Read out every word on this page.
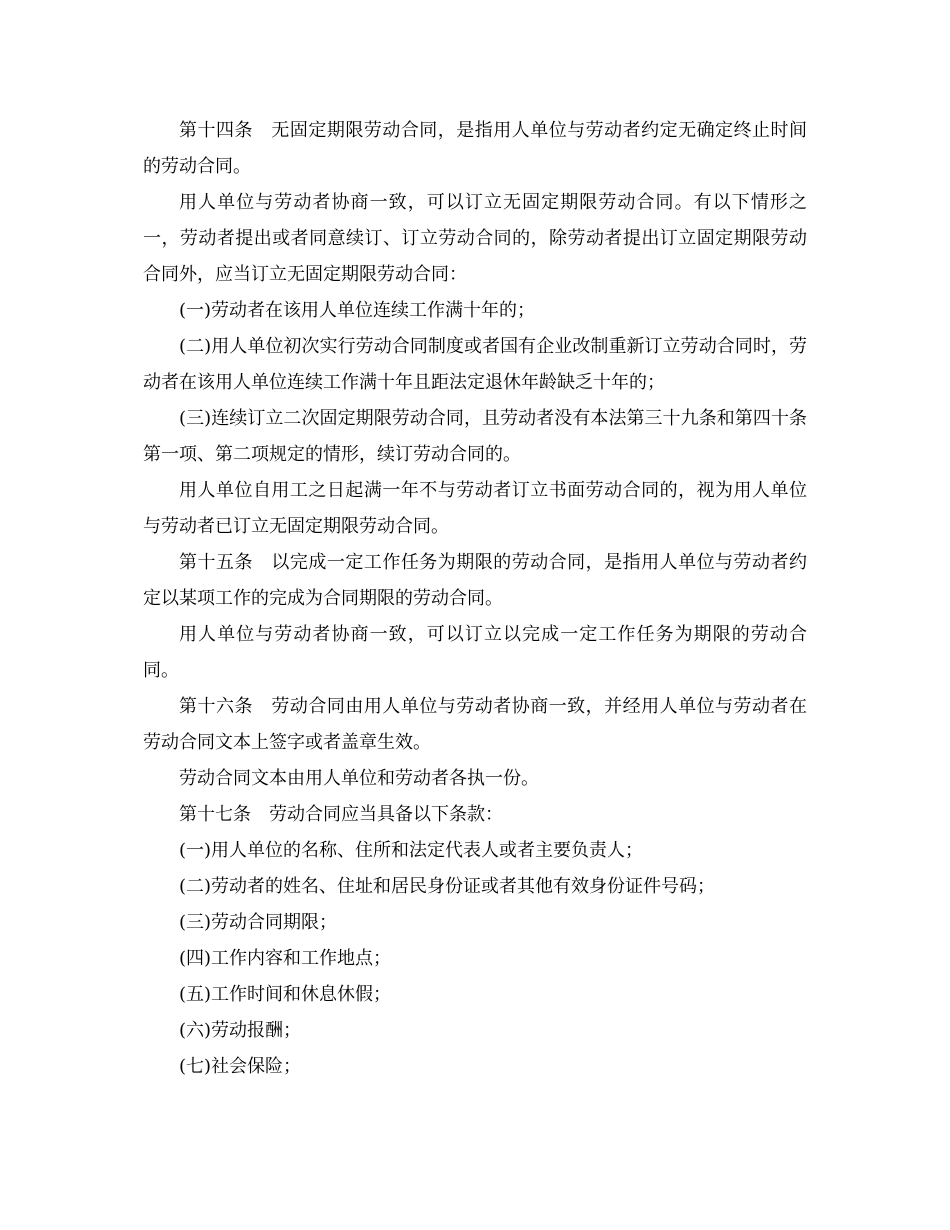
第十四条　无固定期限劳动合同，是指用人单位与劳动者约定无确定终止时间的劳动合同。

用人单位与劳动者协商一致，可以订立无固定期限劳动合同。有以下情形之一，劳动者提出或者同意续订、订立劳动合同的，除劳动者提出订立固定期限劳动合同外，应当订立无固定期限劳动合同：

(一)劳动者在该用人单位连续工作满十年的；

(二)用人单位初次实行劳动合同制度或者国有企业改制重新订立劳动合同时，劳动者在该用人单位连续工作满十年且距法定退休年龄缺乏十年的；

(三)连续订立二次固定期限劳动合同，且劳动者没有本法第三十九条和第四十条第一项、第二项规定的情形，续订劳动合同的。

用人单位自用工之日起满一年不与劳动者订立书面劳动合同的，视为用人单位与劳动者已订立无固定期限劳动合同。

第十五条　以完成一定工作任务为期限的劳动合同，是指用人单位与劳动者约定以某项工作的完成为合同期限的劳动合同。

用人单位与劳动者协商一致，可以订立以完成一定工作任务为期限的劳动合同。

第十六条　劳动合同由用人单位与劳动者协商一致，并经用人单位与劳动者在劳动合同文本上签字或者盖章生效。

劳动合同文本由用人单位和劳动者各执一份。

第十七条　劳动合同应当具备以下条款：

(一)用人单位的名称、住所和法定代表人或者主要负责人；

(二)劳动者的姓名、住址和居民身份证或者其他有效身份证件号码；

(三)劳动合同期限；

(四)工作内容和工作地点；

(五)工作时间和休息休假；

(六)劳动报酬；

(七)社会保险；
